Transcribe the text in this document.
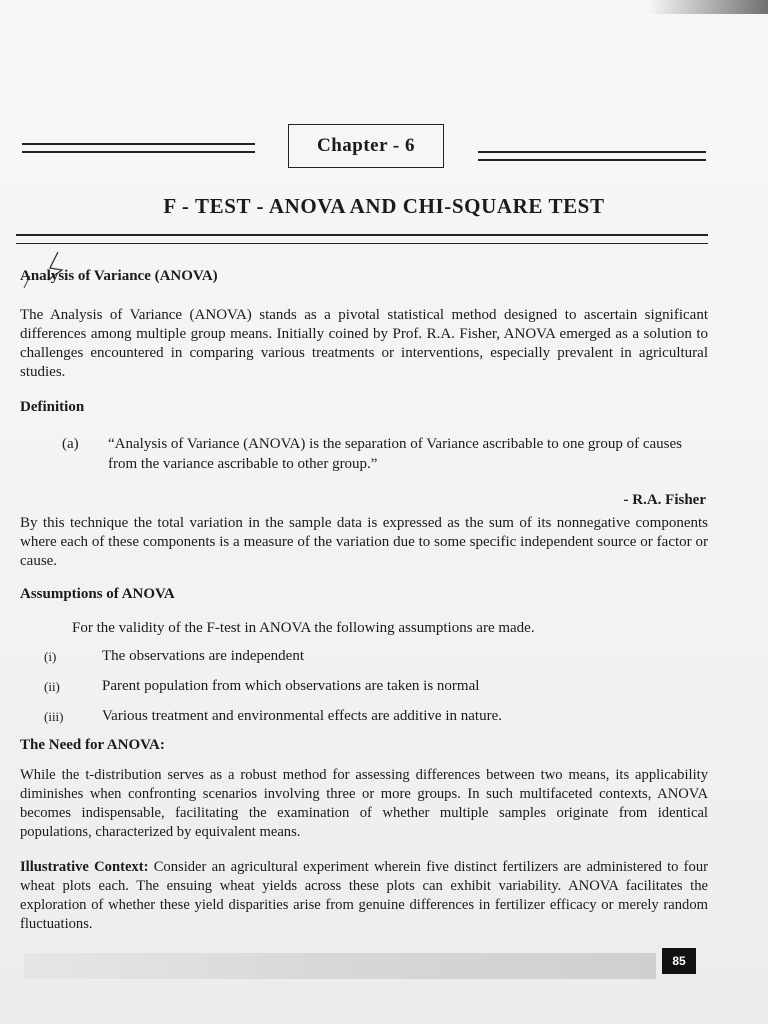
Chapter - 6
F - TEST - ANOVA AND CHI-SQUARE TEST
Analysis of Variance (ANOVA)
The Analysis of Variance (ANOVA) stands as a pivotal statistical method designed to ascertain significant differences among multiple group means. Initially coined by Prof. R.A. Fisher, ANOVA emerged as a solution to challenges encountered in comparing various treatments or interventions, especially prevalent in agricultural studies.
Definition
(a)	“Analysis of Variance (ANOVA) is the separation of Variance ascribable to one group of causes from the variance ascribable to other group.”
- R.A. Fisher
By this technique the total variation in the sample data is expressed as the sum of its nonnegative components where each of these components is a measure of the variation due to some specific independent source or factor or cause.
Assumptions of ANOVA
For the validity of the F-test in ANOVA the following assumptions are made.
(i)	The observations are independent
(ii)	Parent population from which observations are taken is normal
(iii)	Various treatment and environmental effects are additive in nature.
The Need for ANOVA:
While the t-distribution serves as a robust method for assessing differences between two means, its applicability diminishes when confronting scenarios involving three or more groups. In such multifaceted contexts, ANOVA becomes indispensable, facilitating the examination of whether multiple samples originate from identical populations, characterized by equivalent means.
Illustrative Context: Consider an agricultural experiment wherein five distinct fertilizers are administered to four wheat plots each. The ensuing wheat yields across these plots can exhibit variability. ANOVA facilitates the exploration of whether these yield disparities arise from genuine differences in fertilizer efficacy or merely random fluctuations.
85
